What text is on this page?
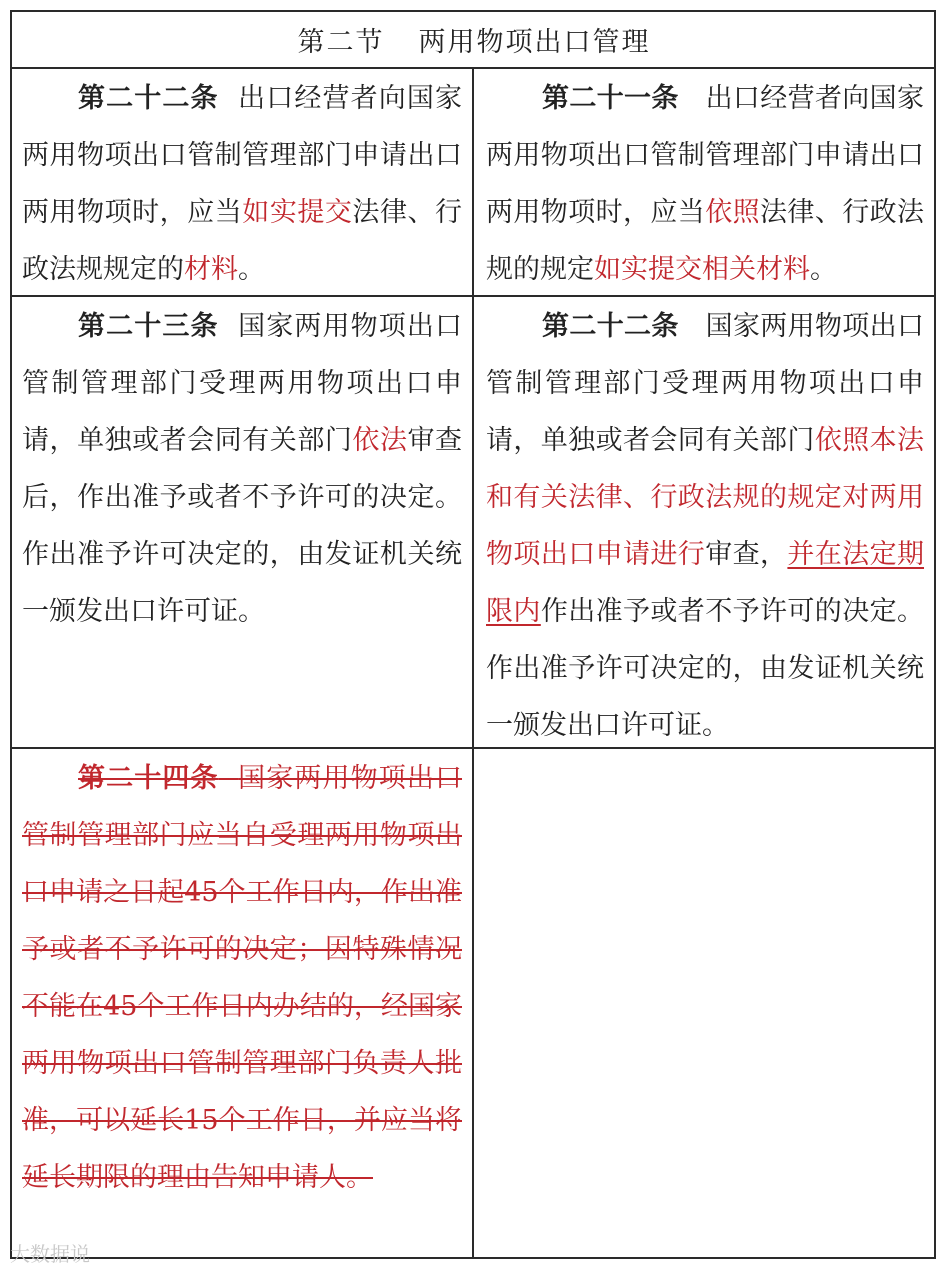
第二节 两用物项出口管理

第二十二条 出口经营者向国家两用物项出口管制管理部门申请出口两用物项时，应当如实提交法律、行政法规规定的材料。

第二十一条 出口经营者向国家两用物项出口管制管理部门申请出口两用物项时，应当依照法律、行政法规的规定如实提交相关材料。

第二十三条 国家两用物项出口管制管理部门受理两用物项出口申请，单独或者会同有关部门依法审查后，作出准予或者不予许可的决定。作出准予许可决定的，由发证机关统一颁发出口许可证。

第二十二条 国家两用物项出口管制管理部门受理两用物项出口申请，单独或者会同有关部门依照本法和有关法律、行政法规的规定对两用物项出口申请进行审查，并在法定期限内作出准予或者不予许可的决定。作出准予许可决定的，由发证机关统一颁发出口许可证。

第二十四条 国家两用物项出口管制管理部门应当自受理两用物项出口申请之日起45个工作日内，作出准予或者不予许可的决定；因特殊情况不能在45个工作日内办结的，经国家两用物项出口管制管理部门负责人批准，可以延长15个工作日，并应当将延长期限的理由告知申请人。

大数据说
